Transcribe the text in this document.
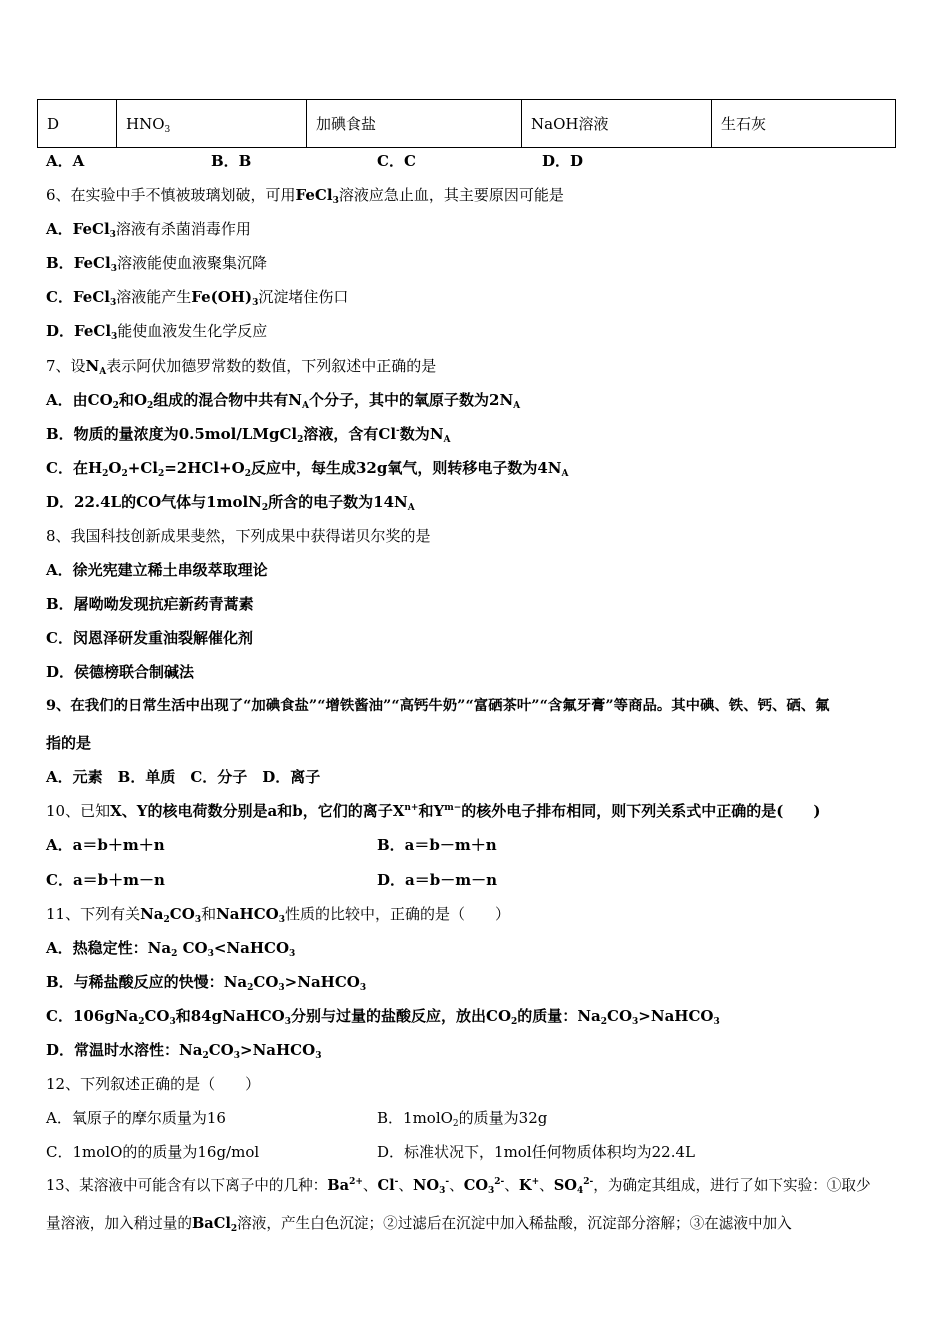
D	$HNO_3$	加碘食盐	NaOH溶液	生石灰
A．A	B．B	C．C	D．D
6、在实验中手不慎被玻璃划破，可用FeCl$_3$溶液应急止血，其主要原因可能是
A．FeCl$_3$溶液有杀菌消毒作用
B．FeCl$_3$溶液能使血液聚集沉降
C．FeCl$_3$溶液能产生$Fe(OH)_3$沉淀堵住伤口
D．FeCl$_3$能使血液发生化学反应
7、设$N_A$表示阿伏加德罗常数的数值，下列叙述中正确的是
A．由$CO_2$和$O_2$组成的混合物中共有$N_A$个分子，其中的氧原子数为$2N_A$
B．物质的量浓度为0.5mol/LMgCl$_2$溶液，含有Cl-数为$N_A$
C．在$H_2O_2+Cl_2=2HCl+O_2$反应中，每生成32g氧气，则转移电子数为$4N_A$
D．22.4L的CO气体与1molN$_2$所含的电子数为$14N_A$
8、我国科技创新成果斐然，下列成果中获得诺贝尔奖的是
A．徐光宪建立稀土串级萃取理论
B．屠呦呦发现抗疟新药青蒿素
C．闵恩泽研发重油裂解催化剂
D．侯德榜联合制碱法
9、在我们的日常生活中出现了“加碘食盐”“增铁酱油”“高钙牛奶”“富硒茶叶”“含氟牙膏”等商品。其中碘、铁、钙、硒、氟
指的是
A．元素　B．单质　C．分子　D．离子
10、已知X、Y的核电荷数分别是a和b，它们的离子$X^{n+}$和$Y^{m-}$的核外电子排布相同，则下列关系式中正确的是(　　)
A．a＝b＋m＋n	B．a＝b－m＋n
C．a＝b＋m－n	D．a＝b－m－n
11、下列有关$Na_2CO_3$和NaHCO$_3$性质的比较中，正确的是（　　）
A．热稳定性：$Na_2$ $CO_3<NaHCO_3$
B．与稀盐酸反应的快慢：$Na_2CO_3>NaHCO_3$
C．$106gNa_2CO_3$和84gNaHCO$_3$分别与过量的盐酸反应，放出$CO_2$的质量：$Na_2CO_3>NaHCO_3$
D．常温时水溶性：$Na_2CO_3>NaHCO_3$
12、下列叙述正确的是（　　）
A．氧原子的摩尔质量为16	B．1molO$_2$的质量为32g
C．1molO的的质量为16g/mol	D．标准状况下，1mol任何物质体积均为22.4L
13、某溶液中可能含有以下离子中的几种：$Ba^{2+}$、Cl-、$NO_3^-$、$CO_3^{2-}$、K+、$SO_4^{2-}$，为确定其组成，进行了如下实验：①取少
量溶液，加入稍过量的BaCl$_2$溶液，产生白色沉淀；②过滤后在沉淀中加入稀盐酸，沉淀部分溶解；③在滤液中加入
